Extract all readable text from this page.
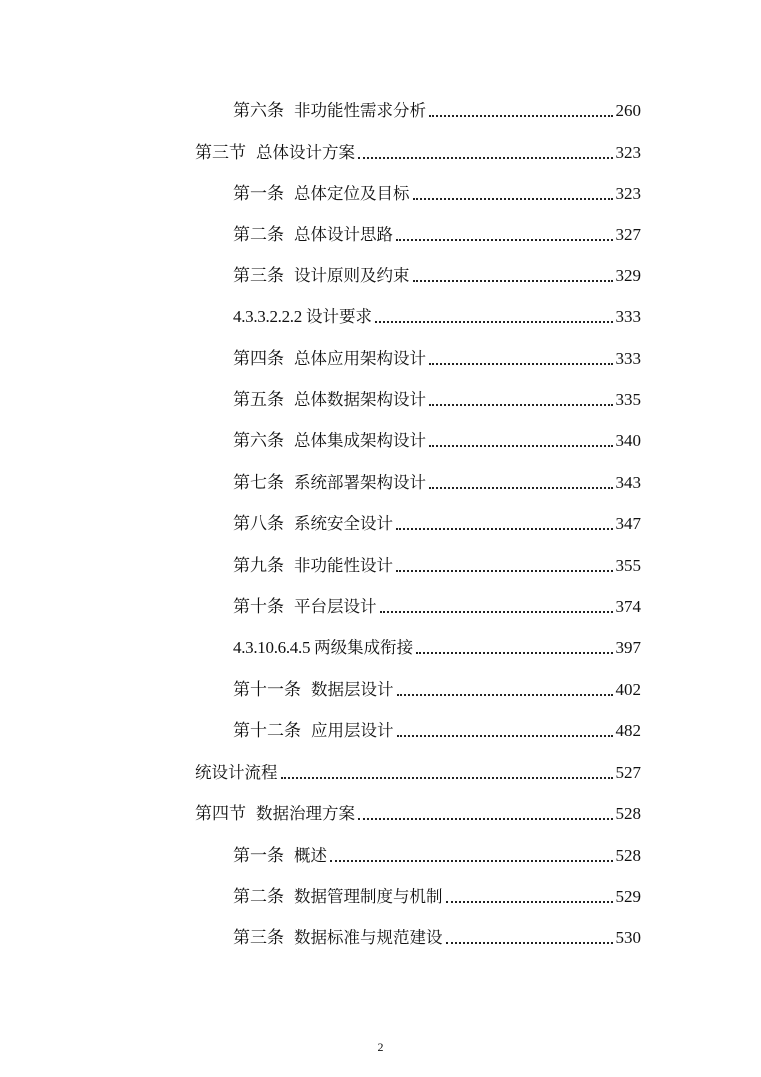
第六条 非功能性需求分析	260
第三节 总体设计方案	323
第一条 总体定位及目标	323
第二条 总体设计思路	327
第三条 设计原则及约束	329
4.3.3.2.2.2 设计要求	333
第四条 总体应用架构设计	333
第五条 总体数据架构设计	335
第六条 总体集成架构设计	340
第七条 系统部署架构设计	343
第八条 系统安全设计	347
第九条 非功能性设计	355
第十条 平台层设计	374
4.3.10.6.4.5 两级集成衔接	397
第十一条 数据层设计	402
第十二条 应用层设计	482
统设计流程	527
第四节 数据治理方案	528
第一条 概述	528
第二条 数据管理制度与机制	529
第三条 数据标准与规范建设	530
2
